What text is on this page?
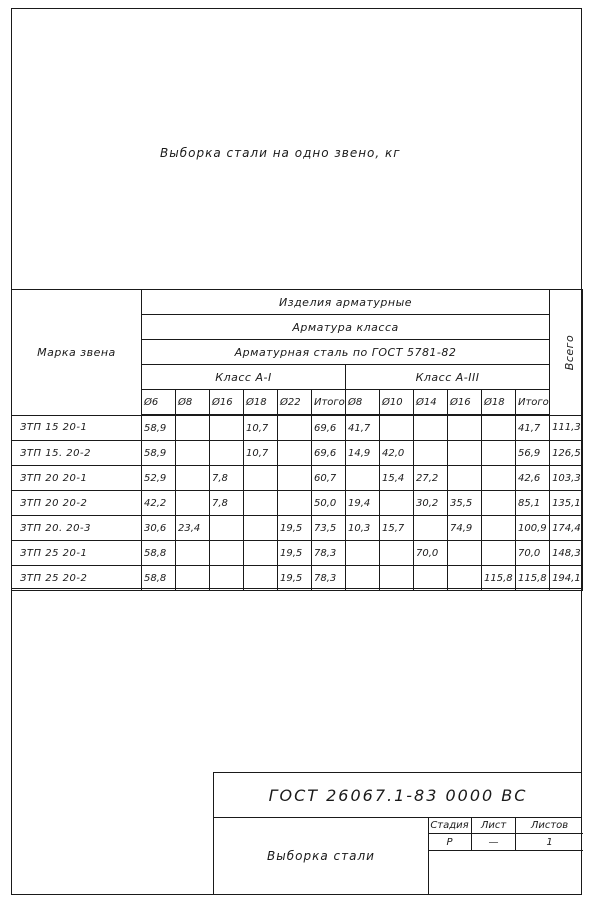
Выборка стали на одно звено, кг
Марка звена	Изделия арматурные												Всего
	Арматура класса												
	Арматурная сталь по ГОСТ 5781-82												
	Класс А-I						Класс А-III						
	Ø6	Ø8	Ø16	Ø18	Ø22	Итого	Ø8	Ø10	Ø14	Ø16	Ø18	Итого	
ЗТП 15 20-1	58,9			10,7		69,6	41,7					41,7	111,3
ЗТП 15. 20-2	58,9			10,7		69,6	14,9	42,0				56,9	126,5
ЗТП 20 20-1	52,9		7,8			60,7		15,4	27,2			42,6	103,3
ЗТП 20 20-2	42,2		7,8			50,0	19,4		30,2	35,5		85,1	135,1
ЗТП 20. 20-3	30,6	23,4			19,5	73,5	10,3	15,7		74,9		100,9	174,4
ЗТП 25 20-1	58,8				19,5	78,3			70,0			70,0	148,3
ЗТП 25 20-2	58,8				19,5	78,3					115,8	115,8	194,1
ГОСТ 26067.1-83 0000 ВС
Выборка стали
Стадия	Лист	Листов
Р	—	1
